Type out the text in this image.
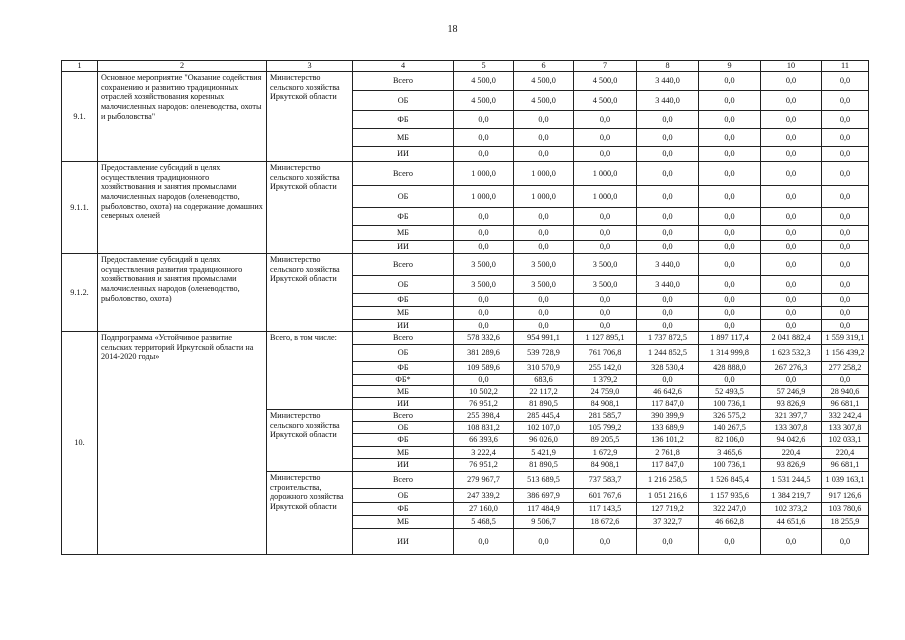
18
1	2	3	4	5	6	7	8	9	10	11
9.1.	Основное мероприятие "Оказание содействия сохранению и развитию традиционных отраслей хозяйствования коренных малочисленных народов: оленеводства, охоты и рыболовства"	Министерство сельского хозяйства Иркутской области	Всего	4 500,0	4 500,0	4 500,0	3 440,0	0,0	0,0	0,0
			ОБ	4 500,0	4 500,0	4 500,0	3 440,0	0,0	0,0	0,0
			ФБ	0,0	0,0	0,0	0,0	0,0	0,0	0,0
			МБ	0,0	0,0	0,0	0,0	0,0	0,0	0,0
			ИИ	0,0	0,0	0,0	0,0	0,0	0,0	0,0
9.1.1.	Предоставление субсидий в целях осуществления традиционного хозяйствования и занятия промыслами малочисленных народов (оленеводство, рыболовство, охота) на содержание домашних северных оленей	Министерство сельского хозяйства Иркутской области	Всего	1 000,0	1 000,0	1 000,0	0,0	0,0	0,0	0,0
			ОБ	1 000,0	1 000,0	1 000,0	0,0	0,0	0,0	0,0
			ФБ	0,0	0,0	0,0	0,0	0,0	0,0	0,0
			МБ	0,0	0,0	0,0	0,0	0,0	0,0	0,0
			ИИ	0,0	0,0	0,0	0,0	0,0	0,0	0,0
9.1.2.	Предоставление субсидий в целях осуществления развития традиционного хозяйствования и занятия промыслами малочисленных народов (оленеводство, рыболовство, охота)	Министерство сельского хозяйства Иркутской области	Всего	3 500,0	3 500,0	3 500,0	3 440,0	0,0	0,0	0,0
			ОБ	3 500,0	3 500,0	3 500,0	3 440,0	0,0	0,0	0,0
			ФБ	0,0	0,0	0,0	0,0	0,0	0,0	0,0
			МБ	0,0	0,0	0,0	0,0	0,0	0,0	0,0
			ИИ	0,0	0,0	0,0	0,0	0,0	0,0	0,0
10.	Подпрограмма «Устойчивое развитие сельских территорий Иркутской области на 2014-2020 годы»	Всего, в том числе:	Всего	578 332,6	954 991,1	1 127 895,1	1 737 872,5	1 897 117,4	2 041 882,4	1 559 319,1
			ОБ	381 289,6	539 728,9	761 706,8	1 244 852,5	1 314 999,8	1 623 532,3	1 156 439,2
			ФБ	109 589,6	310 570,9	255 142,0	328 530,4	428 888,0	267 276,3	277 258,2
			ФБ*	0,0	683,6	1 379,2	0,0	0,0	0,0	0,0
			МБ	10 502,2	22 117,2	24 759,0	46 642,6	52 493,5	57 246,9	28 940,6
			ИИ	76 951,2	81 890,5	84 908,1	117 847,0	100 736,1	93 826,9	96 681,1
		Министерство сельского хозяйства Иркутской области	Всего	255 398,4	285 445,4	281 585,7	390 399,9	326 575,2	321 397,7	332 242,4
			ОБ	108 831,2	102 107,0	105 799,2	133 689,9	140 267,5	133 307,8	133 307,8
			ФБ	66 393,6	96 026,0	89 205,5	136 101,2	82 106,0	94 042,6	102 033,1
			МБ	3 222,4	5 421,9	1 672,9	2 761,8	3 465,6	220,4	220,4
			ИИ	76 951,2	81 890,5	84 908,1	117 847,0	100 736,1	93 826,9	96 681,1
		Министерство строительства, дорожного хозяйства Иркутской области	Всего	279 967,7	513 689,5	737 583,7	1 216 258,5	1 526 845,4	1 531 244,5	1 039 163,1
			ОБ	247 339,2	386 697,9	601 767,6	1 051 216,6	1 157 935,6	1 384 219,7	917 126,6
			ФБ	27 160,0	117 484,9	117 143,5	127 719,2	322 247,0	102 373,2	103 780,6
			МБ	5 468,5	9 506,7	18 672,6	37 322,7	46 662,8	44 651,6	18 255,9
			ИИ	0,0	0,0	0,0	0,0	0,0	0,0	0,0
